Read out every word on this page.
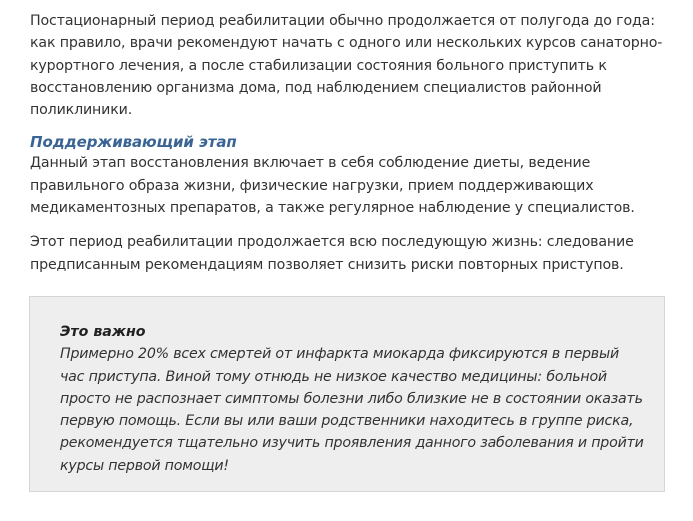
Постационарный период реабилитации обычно продолжается от полугода до года: как правило, врачи рекомендуют начать с одного или нескольких курсов санаторно-курортного лечения, а после стабилизации состояния больного приступить к восстановлению организма дома, под наблюдением специалистов районной поликлиники.

Поддерживающий этап

Данный этап восстановления включает в себя соблюдение диеты, ведение правильного образа жизни, физические нагрузки, прием поддерживающих медикаментозных препаратов, а также регулярное наблюдение у специалистов.

Этот период реабилитации продолжается всю последующую жизнь: следование предписанным рекомендациям позволяет снизить риски повторных приступов.

Это важно

Примерно 20% всех смертей от инфаркта миокарда фиксируются в первый час приступа. Виной тому отнюдь не низкое качество медицины: больной просто не распознает симптомы болезни либо близкие не в состоянии оказать первую помощь. Если вы или ваши родственники находитесь в группе риска, рекомендуется тщательно изучить проявления данного заболевания и пройти курсы первой помощи!
